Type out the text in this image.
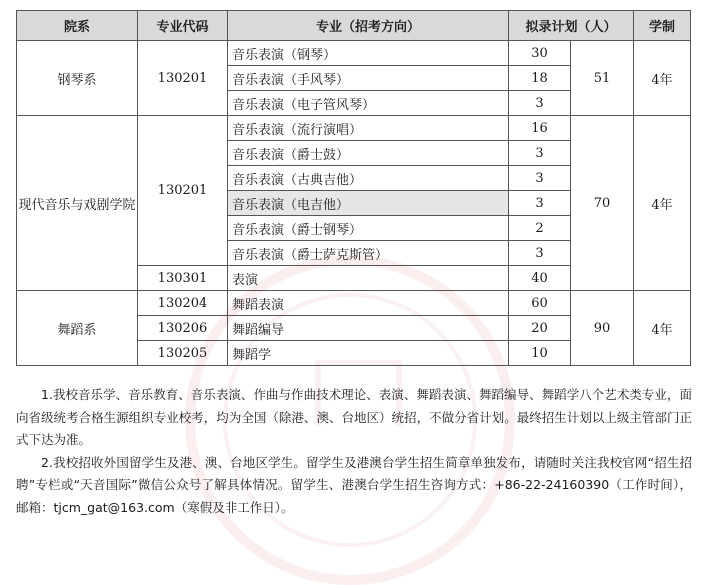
院系	专业代码	专业（招考方向）	拟录计划（人）		学制
钢琴系	130201	音乐表演（钢琴）	30	51	4年
		音乐表演（手风琴）	18		
		音乐表演（电子管风琴）	3		
现代音乐与戏剧学院	130201	音乐表演（流行演唱）	16	70	4年
		音乐表演（爵士鼓）	3		
		音乐表演（古典吉他）	3		
		音乐表演（电吉他）	3		
		音乐表演（爵士钢琴）	2		
		音乐表演（爵士萨克斯管）	3		
	130301	表演	40		
舞蹈系	130204	舞蹈表演	60	90	4年
	130206	舞蹈编导	20		
	130205	舞蹈学	10		

1.我校音乐学、音乐教育、音乐表演、作曲与作曲技术理论、表演、舞蹈表演、舞蹈编导、舞蹈学八个艺术类专业，面向省级统考合格生源组织专业校考，均为全国（除港、澳、台地区）统招，不做分省计划。最终招生计划以上级主管部门正式下达为准。

2.我校招收外国留学生及港、澳、台地区学生。留学生及港澳台学生招生简章单独发布，请随时关注我校官网“招生招聘”专栏或“天音国际”微信公众号了解具体情况。留学生、港澳台学生招生咨询方式：+86-22-24160390（工作时间），邮箱：tjcm_gat@163.com（寒假及非工作日）。
